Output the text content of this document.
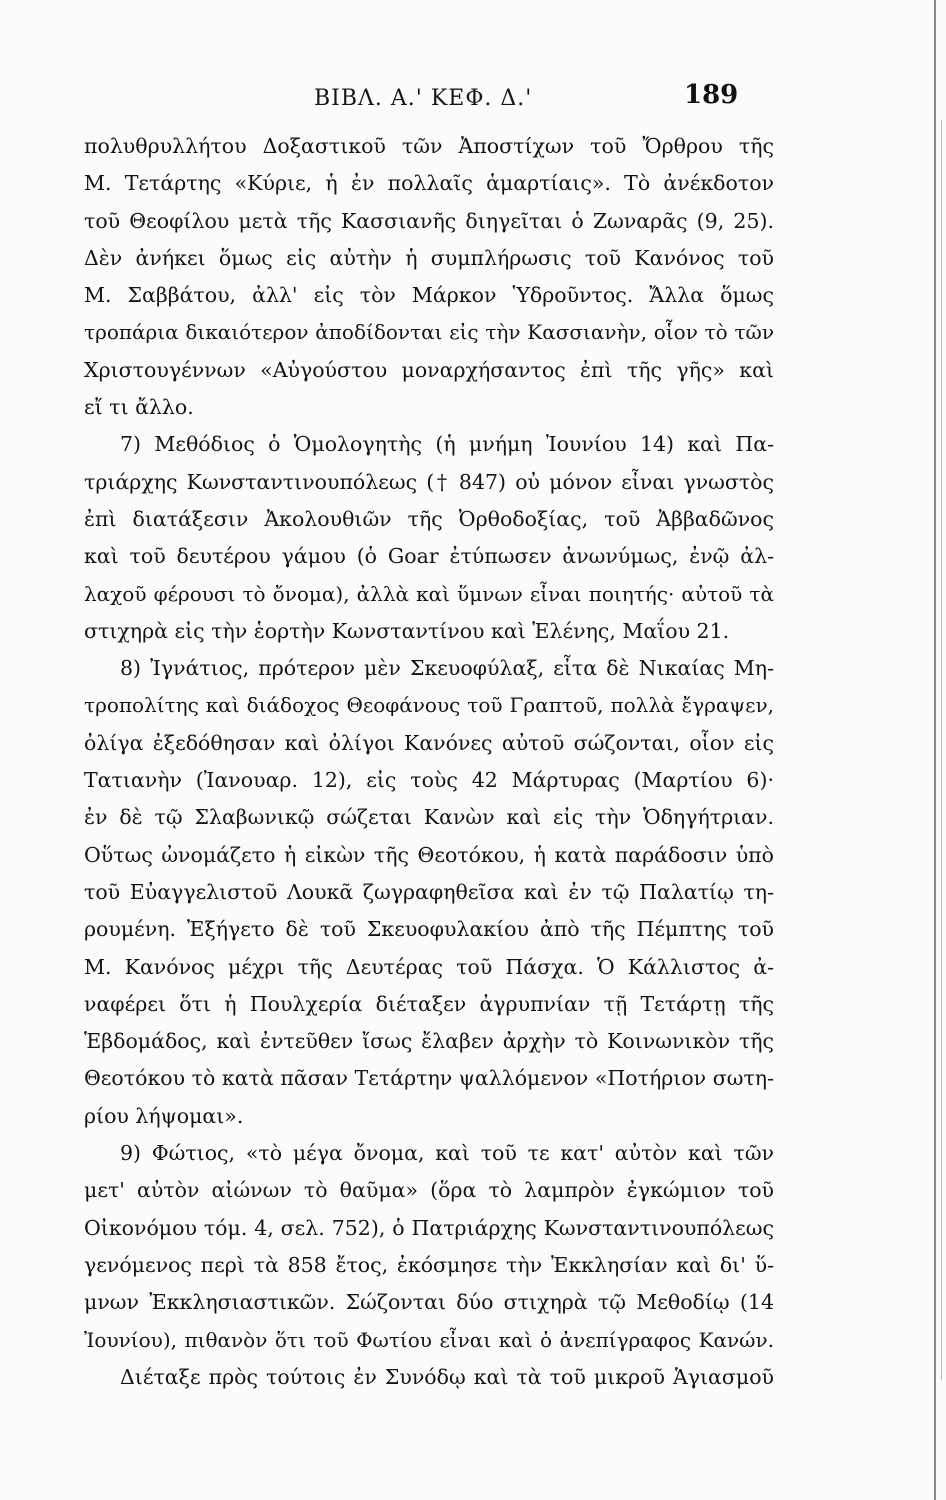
ΒΙΒΛ. Α.' ΚΕΦ. Δ.'	189
πολυθρυλλήτου Δοξαστικοῦ τῶν Ἀποστίχων τοῦ Ὄρθρου τῆς
Μ. Τετάρτης «Κύριε, ἡ ἐν πολλαῖς ἁμαρτίαις». Τὸ ἀνέκδοτον
τοῦ Θεοφίλου μετὰ τῆς Κασσιανῆς διηγεῖται ὁ Ζωναρᾶς (9, 25).
Δὲν ἀνήκει ὅμως εἰς αὐτὴν ἡ συμπλήρωσις τοῦ Κανόνος τοῦ
Μ. Σαββάτου, ἀλλ' εἰς τὸν Μάρκον Ὑδροῦντος. Ἄλλα ὅμως
τροπάρια δικαιότερον ἀποδίδονται εἰς τὴν Κασσιανὴν, οἷον τὸ τῶν
Χριστουγέννων «Αὐγούστου μοναρχήσαντος ἐπὶ τῆς γῆς» καὶ
εἴ τι ἄλλο.
7) Μεθόδιος ὁ Ὁμολογητὴς (ἡ μνήμη Ἰουνίου 14) καὶ Πα-
τριάρχης Κωνσταντινουπόλεως († 847) οὐ μόνον εἶναι γνωστὸς
ἐπὶ διατάξεσιν Ἀκολουθιῶν τῆς Ὀρθοδοξίας, τοῦ Ἀββαδῶνος
καὶ τοῦ δευτέρου γάμου (ὁ Goar ἐτύπωσεν ἀνωνύμως, ἐνῷ ἀλ-
λαχοῦ φέρουσι τὸ ὄνομα), ἀλλὰ καὶ ὕμνων εἶναι ποιητής· αὐτοῦ τὰ
στιχηρὰ εἰς τὴν ἑορτὴν Κωνσταντίνου καὶ Ἑλένης, Μαΐου 21.
8) Ἰγνάτιος, πρότερον μὲν Σκευοφύλαξ, εἶτα δὲ Νικαίας Μη-
τροπολίτης καὶ διάδοχος Θεοφάνους τοῦ Γραπτοῦ, πολλὰ ἔγραψεν,
ὀλίγα ἐξεδόθησαν καὶ ὀλίγοι Κανόνες αὐτοῦ σώζονται, οἷον εἰς
Τατιανὴν (Ἰανουαρ. 12), εἰς τοὺς 42 Μάρτυρας (Μαρτίου 6)·
ἐν δὲ τῷ Σλαβωνικῷ σώζεται Κανὼν καὶ εἰς τὴν Ὁδηγήτριαν.
Οὕτως ὠνομάζετο ἡ εἰκὼν τῆς Θεοτόκου, ἡ κατὰ παράδοσιν ὑπὸ
τοῦ Εὐαγγελιστοῦ Λουκᾶ ζωγραφηθεῖσα καὶ ἐν τῷ Παλατίῳ τη-
ρουμένη. Ἐξήγετο δὲ τοῦ Σκευοφυλακίου ἀπὸ τῆς Πέμπτης τοῦ
Μ. Κανόνος μέχρι τῆς Δευτέρας τοῦ Πάσχα. Ὁ Κάλλιστος ἀ-
ναφέρει ὅτι ἡ Πουλχερία διέταξεν ἀγρυπνίαν τῇ Τετάρτῃ τῆς
Ἑβδομάδος, καὶ ἐντεῦθεν ἴσως ἔλαβεν ἀρχὴν τὸ Κοινωνικὸν τῆς
Θεοτόκου τὸ κατὰ πᾶσαν Τετάρτην ψαλλόμενον «Ποτήριον σωτη-
ρίου λήψομαι».
9) Φώτιος, «τὸ μέγα ὄνομα, καὶ τοῦ τε κατ' αὐτὸν καὶ τῶν
μετ' αὐτὸν αἰώνων τὸ θαῦμα» (ὅρα τὸ λαμπρὸν ἐγκώμιον τοῦ
Οἰκονόμου τόμ. 4, σελ. 752), ὁ Πατριάρχης Κωνσταντινουπόλεως
γενόμενος περὶ τὰ 858 ἔτος, ἐκόσμησε τὴν Ἐκκλησίαν καὶ δι' ὕ-
μνων Ἐκκλησιαστικῶν. Σώζονται δύο στιχηρὰ τῷ Μεθοδίῳ (14
Ἰουνίου), πιθανὸν ὅτι τοῦ Φωτίου εἶναι καὶ ὁ ἀνεπίγραφος Κανών.
Διέταξε πρὸς τούτοις ἐν Συνόδῳ καὶ τὰ τοῦ μικροῦ Ἁγιασμοῦ
